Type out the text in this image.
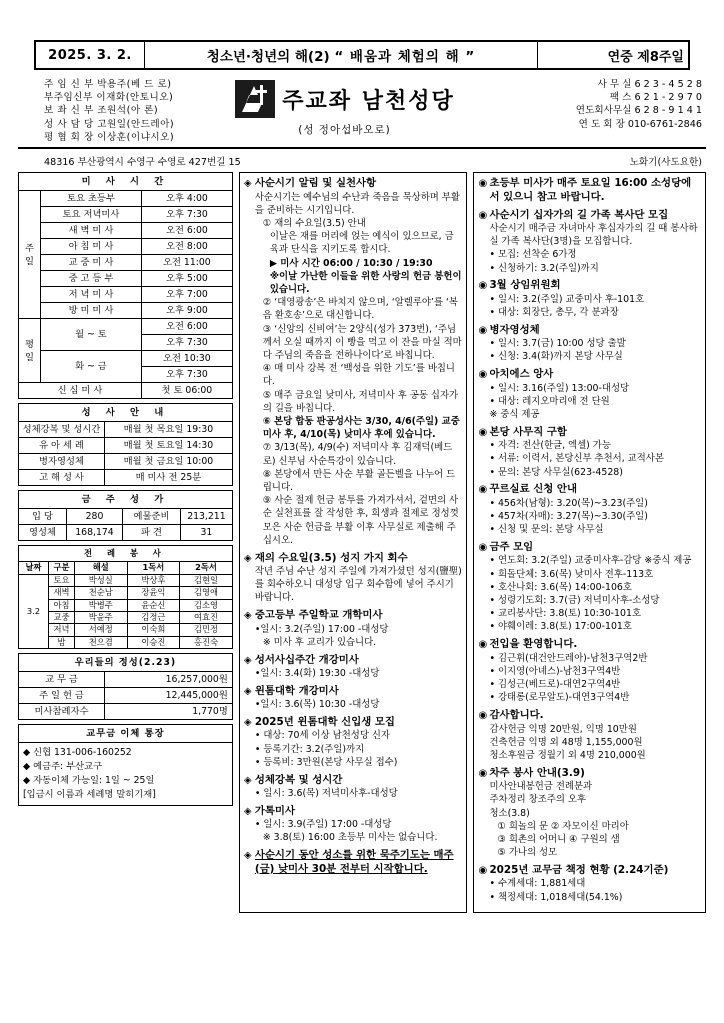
2025. 3. 2.	청소년·청년의 해(2) “ 배움과 체험의 해 ”	연중 제8주일
주 임 신 부 박용주(베 드 로)
부주임신부 이재화(안토니오)
보 좌 신 부 조원석(아 론)
성 사 담 당 고원일(안드레아)
평 협 회 장 이상훈(이냐시오)
주교좌 남천성당
(성 정아섭바오로)
사 무 실 6 2 3 - 4 5 2 8
팩 스 6 2 1 - 2 9 7 0
연도회사무실 6 2 8 - 9 1 4 1
연 도 회 장 010-6761-2846
48316 부산광역시 수영구 수영로 427번길 15	노화기(사도요한)
미 사 시 간		
주
일	토요 초등부	오후 4:00
	토요 저녁미사	오후 7:30
	새 벽 미 사	오전 6:00
	아 침 미 사	오전 8:00
	교 중 미 사	오전 11:00
	중 고 등 부	오후 5:00
	저 녁 미 사	오후 7:00
	방 미 미 사	오후 9:00
평
일	월 ~ 토	오전 6:00
		오후 7:30
	화 ~ 금	오전 10:30
		오후 7:30
신 심 미 사		첫 토 06:00
성 사 안 내	
성체강복 및 성시간	매월 첫 목요일 19:30
유 아 세 례	매월 첫 토요일 14:30
병자영성체	매월 첫 금요일 10:00
고 해 성 사	매 미사 전 25분
금 주 성 가			
입 당	280	예물준비	213,211
영성체	168,174	파 견	31
전 례 봉 사				
날짜	구분	해설	1독서	2독서
3.2	토요	박성실	박상후	김현일
	새벽	천순남	장윤익	김영애
	아침	박병주	윤순신	김소영
	교중	박윤주	김정근	여효진
	저녁	서예정	이숙희	김민정
	밤	천으겸	이승진	홍진숙
우리들의 정성(2.23)	
교 무 금	16,257,000원
주 일 헌 금	12,445,000원
미사참례자수	1,770명
교무금 이체 통장

◆ 신협 131-006-160252
◆ 예금주: 부산교구
◆ 자동이체 가능일: 1일 ~ 25일
[입금시 이름과 세례명 말히기재]
◈ 사순시기 알림 및 실천사항
사순시기는 예수님의 수난과 죽음을 묵상하며 부활을 준비하는 시기입니다.
① 재의 수요일(3.5) 안내
이날은 재를 머리에 얹는 예식이 있으므로, 금육과 단식을 지키도록 합시다.
▶ 미사 시간 06:00 / 10:30 / 19:30
※이날 가난한 이들을 위한 사랑의 헌금 봉헌이 있습니다.
② ‘대영광송’은 바치지 않으며, ‘알렐루야’를 ‘복음 환호송’으로 대신합니다.
③ ‘신앙의 신비여’는 2양식(성가 373번), ‘주님께서 오실 때까지 이 빵을 먹고 이 잔을 마실 적마다 주님의 죽음을 전하나이다’로 바칩니다.
④ 매 미사 강복 전 ‘백성을 위한 기도’를 바칩니다.
⑤ 매주 금요일 낮미사, 저녁미사 후 공동 십자가의 길을 바칩니다.
⑥ 본당 합동 판공성사는 3/30, 4/6(주일) 교중미사 후, 4/10(목) 낮미사 후에 있습니다.
⑦ 3/13(목), 4/9(수) 저녁미사 후 김재덕(베드로) 신부님 사순특강이 있습니다.
⑧ 본당에서 만든 사순 부활 골든벨을 나누어 드립니다.
⑨ 사순 절제 헌금 봉투를 가져가셔서, 겉면의 사순 실천표를 잘 작성한 후, 희생과 절제로 정성껏 모은 사순 헌금을 부활 이후 사무실로 제출해 주십시오.
◈ 재의 수요일(3.5) 성지 가지 회수
작년 주님 수난 성지 주일에 가져가셨던 성지(鹽聖)를 회수하오니 대성당 입구 회수함에 넣어 주시기 바랍니다.
◈ 중고등부 주일학교 개학미사
•일시: 3.2(주일) 17:00 -대성당
※ 미사 후 교리가 있습니다.
◈ 성서사십주간 개강미사
•일시: 3.4(화) 19:30 -대성당
◈ 윈톰대학 개강미사
•일시: 3.6(목) 10:30 -대성당
◈ 2025년 윈톰대학 신입생 모집
• 대상: 70세 이상 남천성당 신자
• 등록기간: 3.2(주일)까지
• 등록비: 3만원(본당 사무실 접수)
◈ 성체강복 및 성시간
• 일시: 3.6(목) 저녁미사후-대성당
◈ 가톡미사
• 일시: 3.9(주일) 17:00 -대성당
※ 3.8(토) 16:00 초등부 미사는 없습니다.
◈ 사순시기 동안 성소를 위한 묵주기도는 매주(금) 낮미사 30분 전부터 시작합니다.
◉ 초등부 미사가 매주 토요일 16:00 소성당에서 있으니 참고 바랍니다.
◉ 사순시기 십자가의 길 가족 복사단 모집
사순시기 매주금 자녀마사 후십자가의 길 때 봉사하실 가족 복사단(3명)을 모집합니다.
• 모집: 선착순 6가정
• 신청하기: 3.2(주일)까지
◉ 3월 상임위원회
• 일시: 3.2(주일) 교중미사 후-101호
• 대상: 회장단, 총무, 각 분과장
◉ 병자영성체
• 일시: 3.7(금) 10:00 성당 출발
• 신청: 3.4(화)까지 본당 사무실
◉ 아치에스 앙사
• 일시: 3.16(주일) 13:00-대성당
• 대상: 레지오마리애 전 단원
※ 중식 제공
◉ 본당 사무직 구함
• 자격: 전산(한글, 엑셀) 가능
• 서류: 이력서, 본당신부 추천서, 교적사본
• 문의: 본당 사무실(623-4528)
◉ 꾸르실료 신청 안내
• 456차(남형): 3.20(목)~3.23(주일)
• 457차(자매): 3.27(목)~3.30(주일)
• 신청 및 문의: 본당 사무실
◉ 금주 모임
• 연도회: 3.2(주일) 교중미사후-감당 ※중식 제공
• 희돌단체: 3.6(목) 낮미사 전후-113호
• 호산나회: 3.6(목) 14:00-106호
• 성령기도회: 3.7(금) 저녁미사후-소성당
• 교리봉사단: 3.8(토) 10:30-101호
• 야훼이레: 3.8(토) 17:00-101호
◉ 전입을 환영합니다.
• 김근휘(대건안드레아)-남천3구역2반
• 이지영(아녜스)-남천3구역4반
• 김성근(베드로)-대연2구역4반
• 강태롱(로무알도)-대연3구역4반
◉ 감사합니다.
감사헌금 익명 20만원, 익명 10만원
건축헌금 익명 외 48명 1,155,000원
청소후원금 정월기 외 4명 210,000원
◉ 차주 봉사 안내(3.9)
미사안내봉헌금 전례분과
주차정리 창조주의 오후
청소(3.8)
① 희놀의 문 ② 자모이신 마리아
③ 희촌의 어머니 ④ 구원의 샘
⑤ 가나의 성모
◉ 2025년 교무금 책정 현황 (2.24기준)
• 수계세대: 1,881세대
• 책정세대: 1,018세대(54.1%)
